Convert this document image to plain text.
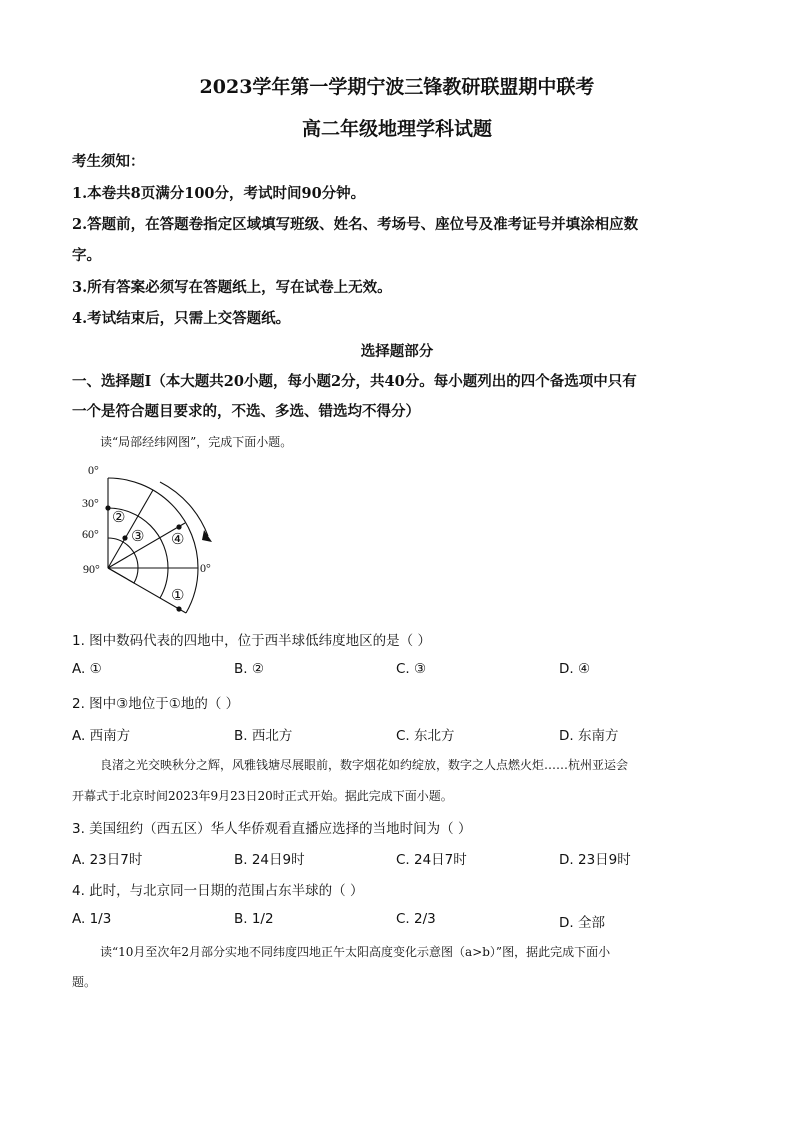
2023学年第一学期宁波三锋教研联盟期中联考
高二年级地理学科试题
考生须知：
1.本卷共8页满分100分，考试时间90分钟。
2.答题前，在答题卷指定区域填写班级、姓名、考场号、座位号及准考证号并填涂相应数
字。
3.所有答案必须写在答题纸上，写在试卷上无效。
4.考试结束后，只需上交答题纸。
选择题部分
一、选择题Ⅰ（本大题共20小题，每小题2分，共40分。每小题列出的四个备选项中只有
一个是符合题目要求的，不选、多选、错选均不得分）
读“局部经纬网图”，完成下面小题。
0°
30°
60°
90°	0°
②
③ ④
①
1. 图中数码代表的四地中，位于西半球低纬度地区的是（ ）
A. ①	B. ②	C. ③	D. ④
2. 图中③地位于①地的（ ）
A. 西南方	B. 西北方	C. 东北方	D. 东南方
良渚之光交映秋分之辉，风雅钱塘尽展眼前，数字烟花如约绽放，数字之人点燃火炬……杭州亚运会
开幕式于北京时间2023年9月23日20时正式开始。据此完成下面小题。
3. 美国纽约（西五区）华人华侨观看直播应选择的当地时间为（ ）
A. 23日7时	B. 24日9时	C. 24日7时	D. 23日9时
4. 此时，与北京同一日期的范围占东半球的（ ）
A. 1/3	B. 1/2	C. 2/3	D. 全部
读“10月至次年2月部分实地不同纬度四地正午太阳高度变化示意图（a>b）”图，据此完成下面小
题。
